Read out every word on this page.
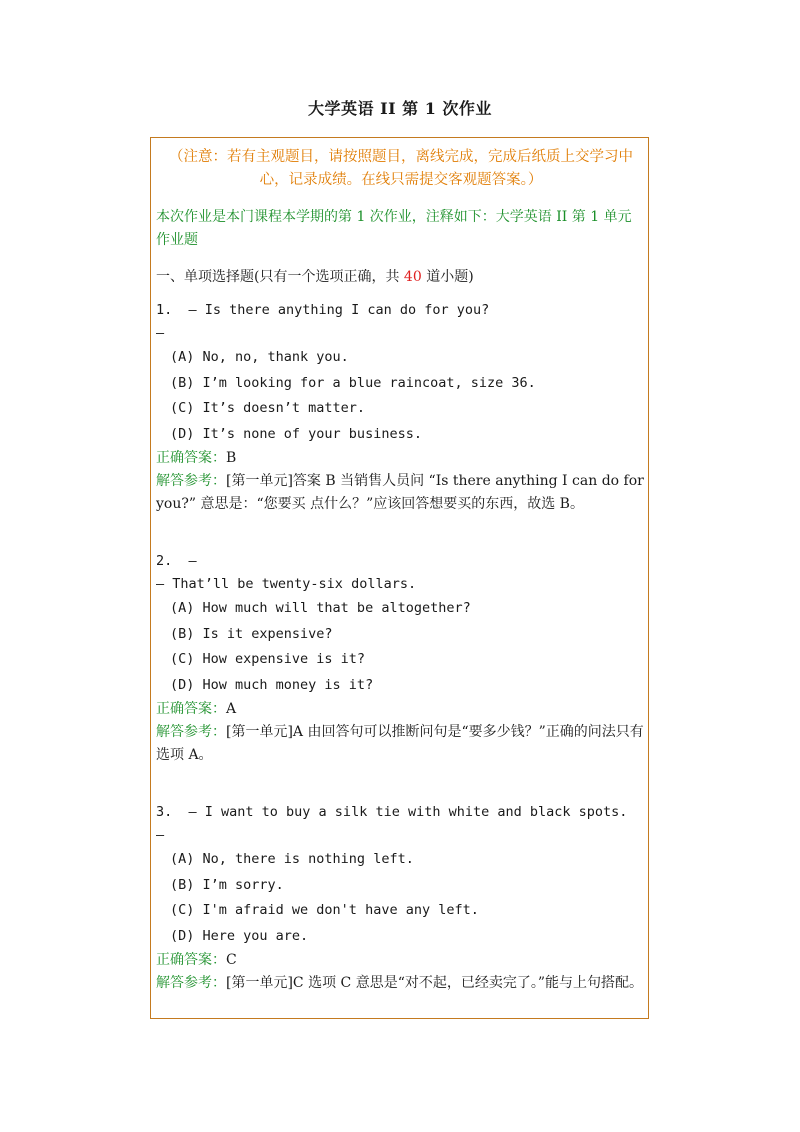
大学英语 II 第 1 次作业
（注意：若有主观题目，请按照题目，离线完成，完成后纸质上交学习中心，记录成绩。在线只需提交客观题答案。）
本次作业是本门课程本学期的第 1 次作业，注释如下：大学英语 II 第 1 单元 作业题
一、单项选择题(只有一个选项正确，共 40 道小题)
1.  – Is there anything I can do for you?
–
(A) No, no, thank you.
(B) I’m looking for a blue raincoat, size 36.
(C) It’s doesn’t matter.
(D) It’s none of your business.
正确答案：B
解答参考：[第一单元]答案 B 当销售人员问 “Is there anything I can do for you?” 意思是：“您要买 点什么？”应该回答想要买的东西，故选 B。
2.  –
– That’ll be twenty-six dollars.
(A) How much will that be altogether?
(B) Is it expensive?
(C) How expensive is it?
(D) How much money is it?
正确答案：A
解答参考：[第一单元]A 由回答句可以推断问句是“要多少钱？”正确的问法只有选项 A。
3.  – I want to buy a silk tie with white and black spots.
–
(A) No, there is nothing left.
(B) I’m sorry.
(C) I'm afraid we don't have any left.
(D) Here you are.
正确答案：C
解答参考：[第一单元]C 选项 C 意思是“对不起，已经卖完了。”能与上句搭配。
